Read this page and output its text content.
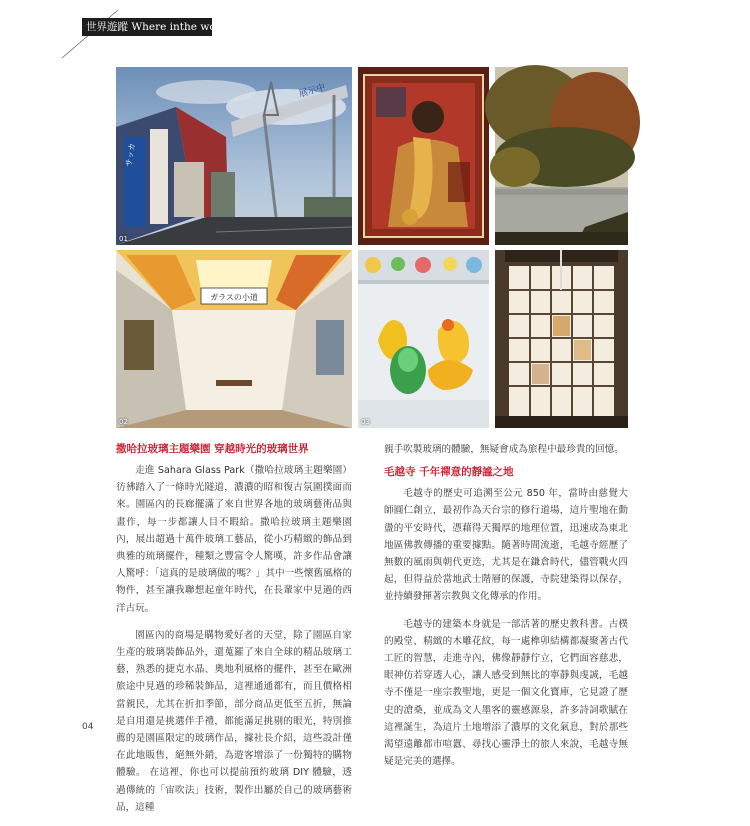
世界遊蹤 Where inthe world
展示中
サッカ
01
ガラスの小道
02	03
撒哈拉玻璃主題樂園 穿越時光的玻璃世界

走進 Sahara Glass Park（撒哈拉玻璃主題樂園）彷彿踏入了一條時光隧道，濃濃的昭和復古氛圍撲面而來。園區內的長廊擺滿了來自世界各地的玻璃藝術品與畫作，每一步都讓人目不暇給。撒哈拉玻璃主題樂園內，展出超過十萬件玻璃工藝品，從小巧精緻的飾品到典雅的琉璃擺件，種類之豐富令人驚嘆，許多作品會讓人驚呼：「這真的是玻璃做的嗎？」其中一些懷舊風格的物件，甚至讓我聯想起童年時代，在長輩家中見過的西洋古玩。

園區內的商場是購物愛好者的天堂，除了園區自家生產的玻璃裝飾品外，還蒐羅了來自全球的精品玻璃工藝，熟悉的捷克水晶、奧地利風格的擺件，甚至在歐洲旅途中見過的珍稀裝飾品，這裡通通都有，而且價格相當親民，尤其在折扣季節，部分商品更低至五折，無論是自用還是挑選伴手禮，都能滿足挑剔的眼光，特別推薦的是園區限定的玻璃作品，據社長介紹，這些設計僅在此地販售，絕無外銷，為遊客增添了一份獨特的購物體驗。 在這裡，你也可以提前預約玻璃 DIY 體驗，透過傳統的「宙吹法」技術，製作出屬於自己的玻璃藝術品，這種

親手吹製玻璃的體驗，無疑會成為旅程中最珍貴的回憶。

毛越寺 千年禪意的靜謐之地

毛越寺的歷史可追溯至公元 850 年，當時由慈覺大師圓仁創立，最初作為天台宗的修行道場，這片聖地在動盪的平安時代，憑藉得天獨厚的地理位置，迅速成為東北地區佛教傳播的重要據點。隨著時間流逝，毛越寺經歷了無數的風雨與朝代更迭，尤其是在鎌倉時代，儘管戰火四起，但得益於當地武士階層的保護，寺院建築得以保存，並持續發揮著宗教與文化傳承的作用。

毛越寺的建築本身就是一部活著的歷史教科書。古樸的殿堂、精緻的木雕花紋，每一處榫卯結構都凝聚著古代工匠的智慧，走進寺內，佛像靜靜佇立，它們面容慈悲，眼神仿若穿透人心，讓人感受到無比的寧靜與虔誠，毛越寺不僅是一座宗教聖地，更是一個文化寶庫，它見證了歷史的滄桑，並成為文人墨客的靈感源泉，許多詩詞歌賦在這裡誕生，為這片土地增添了濃厚的文化氣息，對於那些渴望遠離都市喧囂、尋找心靈淨土的旅人來說，毛越寺無疑是完美的選擇。

04
